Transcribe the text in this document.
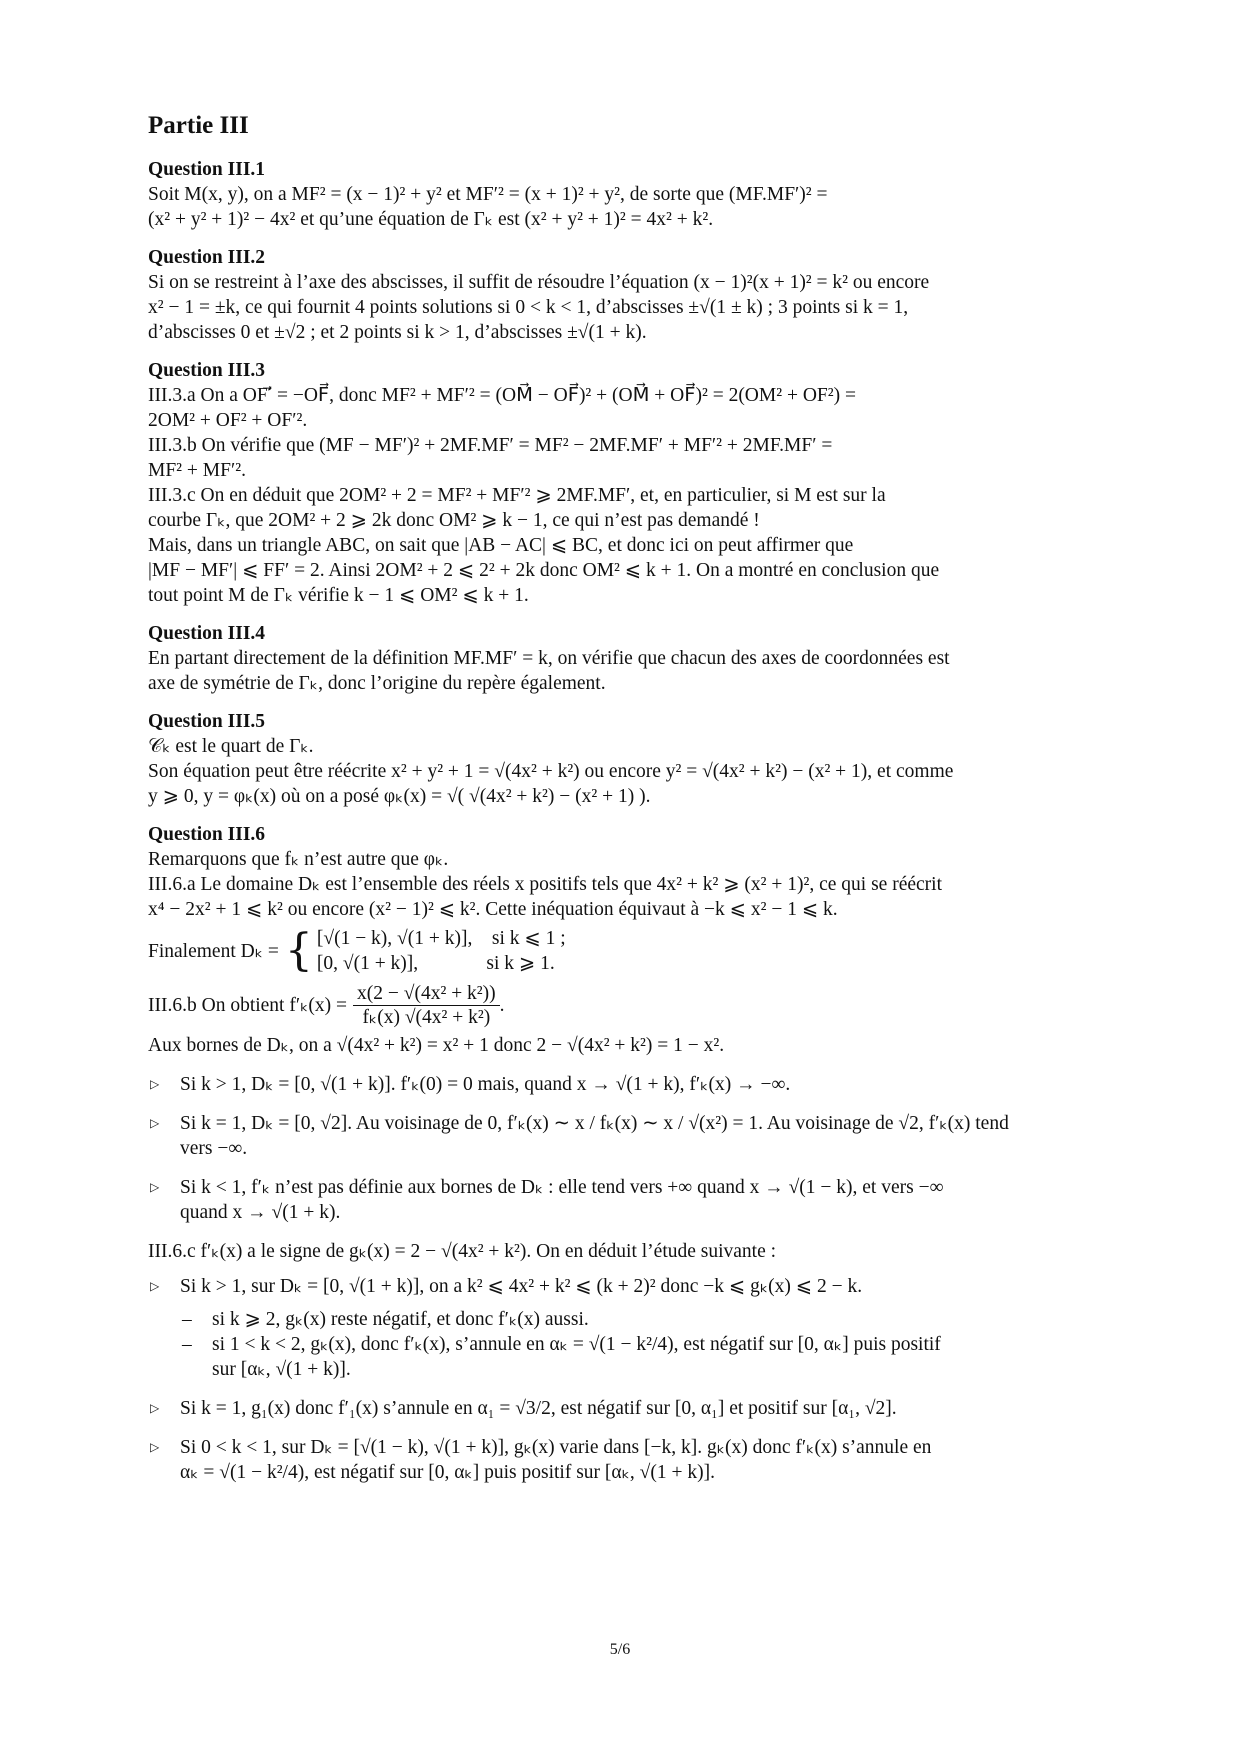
Partie III
Question III.1
Soit M(x, y), on a MF² = (x − 1)² + y² et MF′² = (x + 1)² + y², de sorte que (MF.MF′)² =
(x² + y² + 1)² − 4x² et qu’une équation de Γₖ est (x² + y² + 1)² = 4x² + k².
Question III.2
Si on se restreint à l’axe des abscisses, il suffit de résoudre l’équation (x − 1)²(x + 1)² = k² ou encore
x² − 1 = ±k, ce qui fournit 4 points solutions si 0 < k < 1, d’abscisses ±√(1 ± k) ; 3 points si k = 1,
d’abscisses 0 et ±√2 ; et 2 points si k > 1, d’abscisses ±√(1 + k).
Question III.3
III.3.a On a OF′⃗ = −OF⃗, donc MF² + MF′² = (OM⃗ − OF⃗)² + (OM⃗ + OF⃗)² = 2(OM² + OF²) =
2OM² + OF² + OF′².
III.3.b On vérifie que (MF − MF′)² + 2MF.MF′ = MF² − 2MF.MF′ + MF′² + 2MF.MF′ =
MF² + MF′².
III.3.c On en déduit que 2OM² + 2 = MF² + MF′² ⩾ 2MF.MF′, et, en particulier, si M est sur la
courbe Γₖ, que 2OM² + 2 ⩾ 2k donc OM² ⩾ k − 1, ce qui n’est pas demandé !
Mais, dans un triangle ABC, on sait que |AB − AC| ⩽ BC, et donc ici on peut affirmer que
|MF − MF′| ⩽ FF′ = 2. Ainsi 2OM² + 2 ⩽ 2² + 2k donc OM² ⩽ k + 1. On a montré en conclusion que
tout point M de Γₖ vérifie k − 1 ⩽ OM² ⩽ k + 1.
Question III.4
En partant directement de la définition MF.MF′ = k, on vérifie que chacun des axes de coordonnées est
axe de symétrie de Γₖ, donc l’origine du repère également.
Question III.5
𝒞ₖ est le quart de Γₖ.
Son équation peut être réécrite x² + y² + 1 = √(4x² + k²) ou encore y² = √(4x² + k²) − (x² + 1), et comme
y ⩾ 0, y = φₖ(x) où on a posé φₖ(x) = √( √(4x² + k²) − (x² + 1) ).
Question III.6
Remarquons que fₖ n’est autre que φₖ.
III.6.a Le domaine Dₖ est l’ensemble des réels x positifs tels que 4x² + k² ⩾ (x² + 1)², ce qui se réécrit
x⁴ − 2x² + 1 ⩽ k² ou encore (x² − 1)² ⩽ k². Cette inéquation équivaut à −k ⩽ x² − 1 ⩽ k.
Finalement Dₖ = { [√(1 − k), √(1 + k)],    si k ⩽ 1 ;
[0, √(1 + k)],              si k ⩾ 1.
III.6.b On obtient $f'_k(x) = \frac{\text{x(2 − √(4x² + k²))}}{\text{fₖ(x) √(4x² + k²)}}$ .
Aux bornes de Dₖ, on a √(4x² + k²) = x² + 1 donc 2 − √(4x² + k²) = 1 − x².
▷ Si k > 1, Dₖ = [0, √(1 + k)]. f′ₖ(0) = 0 mais, quand x → √(1 + k), f′ₖ(x) → −∞.
▷ Si k = 1, Dₖ = [0, √2]. Au voisinage de 0, f′ₖ(x) ∼ x / fₖ(x) ∼ x / √(x²) = 1. Au voisinage de √2, f′ₖ(x) tend
vers −∞.
▷ Si k < 1, f′ₖ n’est pas définie aux bornes de Dₖ : elle tend vers +∞ quand x → √(1 − k), et vers −∞
quand x → √(1 + k).
III.6.c f′ₖ(x) a le signe de gₖ(x) = 2 − √(4x² + k²). On en déduit l’étude suivante :
▷ Si k > 1, sur Dₖ = [0, √(1 + k)], on a k² ⩽ 4x² + k² ⩽ (k + 2)² donc −k ⩽ gₖ(x) ⩽ 2 − k.
– si k ⩾ 2, gₖ(x) reste négatif, et donc f′ₖ(x) aussi.
– si 1 < k < 2, gₖ(x), donc f′ₖ(x), s’annule en αₖ = √(1 − k²/4), est négatif sur [0, αₖ] puis positif
sur [αₖ, √(1 + k)].
▷ Si k = 1, g₁(x) donc f′₁(x) s’annule en α₁ = √3/2, est négatif sur [0, α₁] et positif sur [α₁, √2].
▷ Si 0 < k < 1, sur Dₖ = [√(1 − k), √(1 + k)], gₖ(x) varie dans [−k, k]. gₖ(x) donc f′ₖ(x) s’annule en
αₖ = √(1 − k²/4), est négatif sur [0, αₖ] puis positif sur [αₖ, √(1 + k)].
5/6
